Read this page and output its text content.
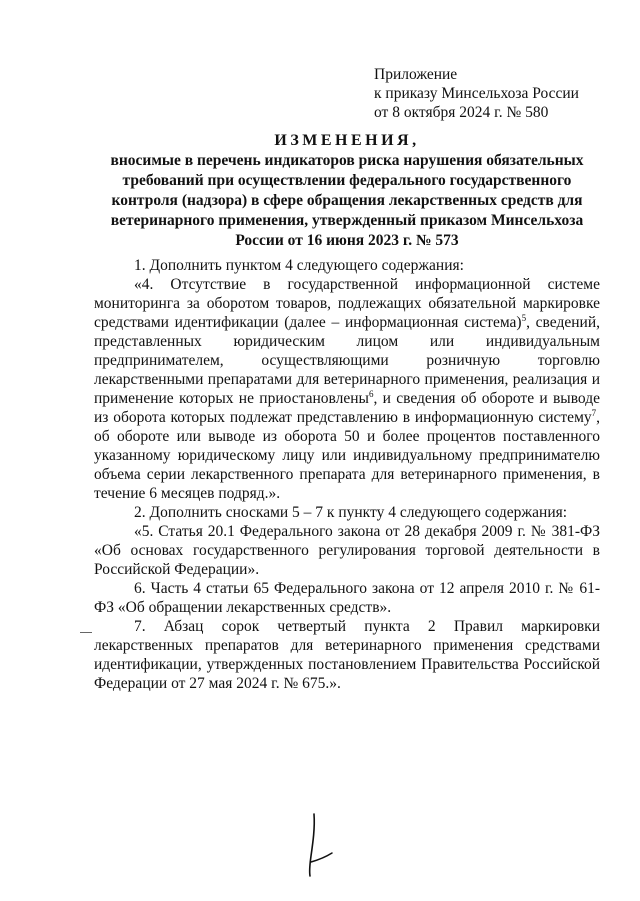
Приложение
к приказу Минсельхоза России
от 8 октября 2024 г. № 580
ИЗМЕНЕНИЯ,
вносимые в перечень индикаторов риска нарушения обязательных
требований при осуществлении федерального государственного
контроля (надзора) в сфере обращения лекарственных средств для
ветеринарного применения, утвержденный приказом Минсельхоза
России от 16 июня 2023 г. № 573

1. Дополнить пунктом 4 следующего содержания:

«4. Отсутствие в государственной информационной системе мониторинга за оборотом товаров, подлежащих обязательной маркировке средствами идентификации (далее – информационная система)$^5$, сведений, представленных юридическим лицом или индивидуальным предпринимателем, осуществляющими розничную торговлю лекарственными препаратами для ветеринарного применения, реализация и применение которых не приостановлены$^6$, и сведения об обороте и выводе из оборота которых подлежат представлению в информационную систему$^7$, об обороте или выводе из оборота 50 и более процентов поставленного указанному юридическому лицу или индивидуальному предпринимателю объема серии лекарственного препарата для ветеринарного применения, в течение 6 месяцев подряд.».

2. Дополнить сносками 5 – 7 к пункту 4 следующего содержания:

«5. Статья 20.1 Федерального закона от 28 декабря 2009 г. № 381-ФЗ «Об основах государственного регулирования торговой деятельности в Российской Федерации».

6. Часть 4 статьи 65 Федерального закона от 12 апреля 2010 г. № 61-ФЗ «Об обращении лекарственных средств».

7. Абзац сорок четвертый пункта 2 Правил маркировки лекарственных препаратов для ветеринарного применения средствами идентификации, утвержденных постановлением Правительства Российской Федерации от 27 мая 2024 г. № 675.».
